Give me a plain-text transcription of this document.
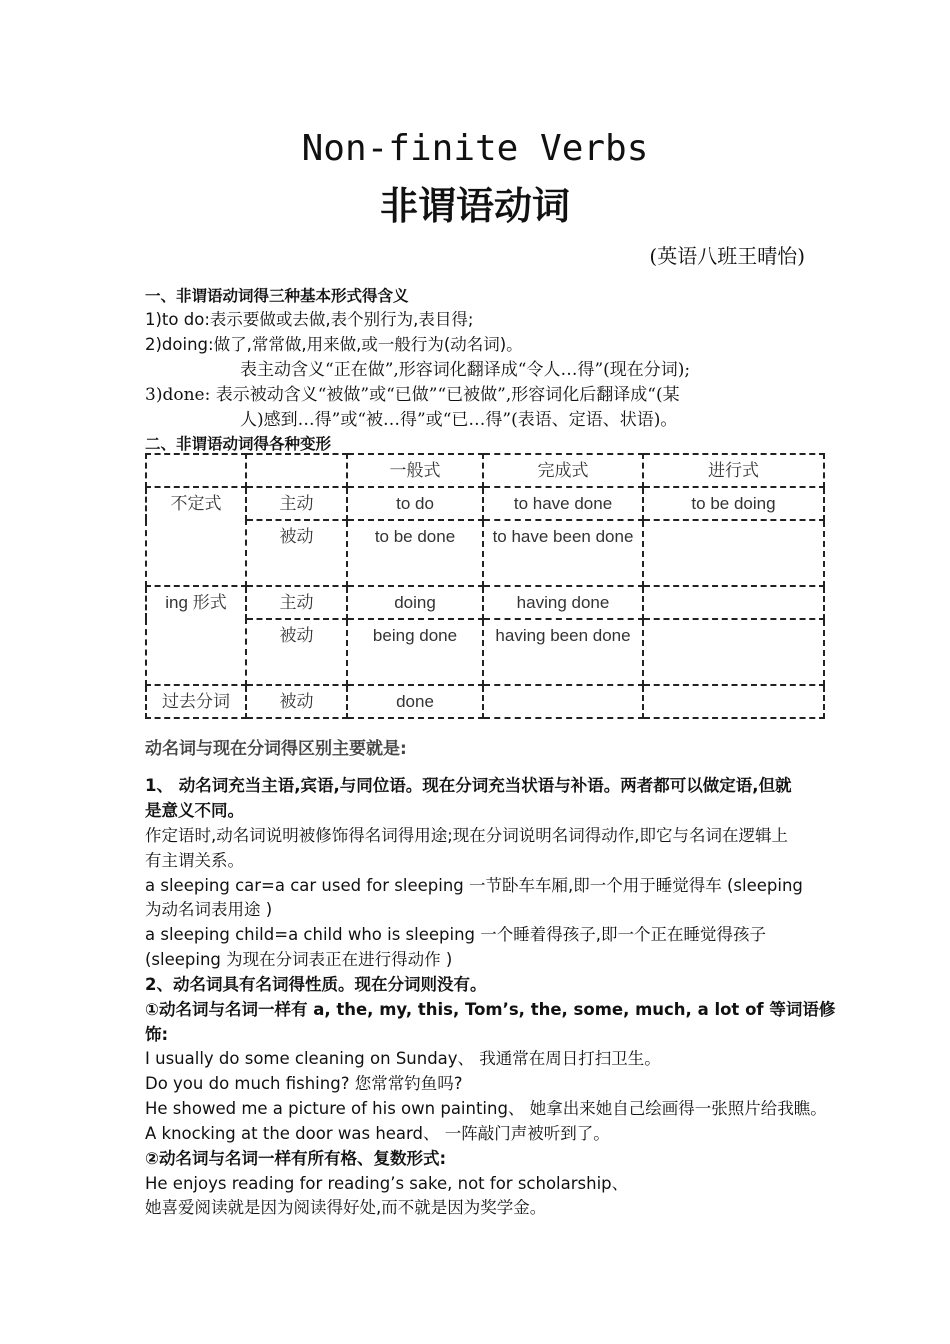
Non-finite Verbs
非谓语动词
(英语八班王晴怡)
一、非谓语动词得三种基本形式得含义
1)to do:表示要做或去做,表个别行为,表目得;
2)doing:做了,常常做,用来做,或一般行为(动名词)。
表主动含义“正在做”,形容词化翻译成“令人…得”(现在分词);
3)done: 表示被动含义“被做”或“已做”“已被做”,形容词化后翻译成“(某
人)感到…得”或“被…得”或“已…得”(表语、定语、状语)。
二、非谓语动词得各种变形
		一般式	完成式	进行式
不定式	主动	to do	to have done	to be doing
	被动	to be done	to have been done	
ing 形式	主动	doing	having done	
	被动	being done	having been done	
过去分词	被动	done		
动名词与现在分词得区别主要就是:
1、 动名词充当主语,宾语,与同位语。现在分词充当状语与补语。两者都可以做定语,但就
是意义不同。
作定语时,动名词说明被修饰得名词得用途;现在分词说明名词得动作,即它与名词在逻辑上
有主谓关系。
a sleeping car=a car used for sleeping 一节卧车车厢,即一个用于睡觉得车 (sleeping
为动名词表用途 )
a sleeping child=a child who is sleeping 一个睡着得孩子,即一个正在睡觉得孩子
(sleeping 为现在分词表正在进行得动作 )
2、动名词具有名词得性质。现在分词则没有。
①动名词与名词一样有 a, the, my, this, Tom’s, the, some, much, a lot of 等词语修
饰:
I usually do some cleaning on Sunday、 我通常在周日打扫卫生。
Do you do much fishing? 您常常钓鱼吗?
He showed me a picture of his own painting、 她拿出来她自己绘画得一张照片给我瞧。
A knocking at the door was heard、 一阵敲门声被听到了。
②动名词与名词一样有所有格、复数形式:
He enjoys reading for reading’s sake, not for scholarship、
她喜爱阅读就是因为阅读得好处,而不就是因为奖学金。
